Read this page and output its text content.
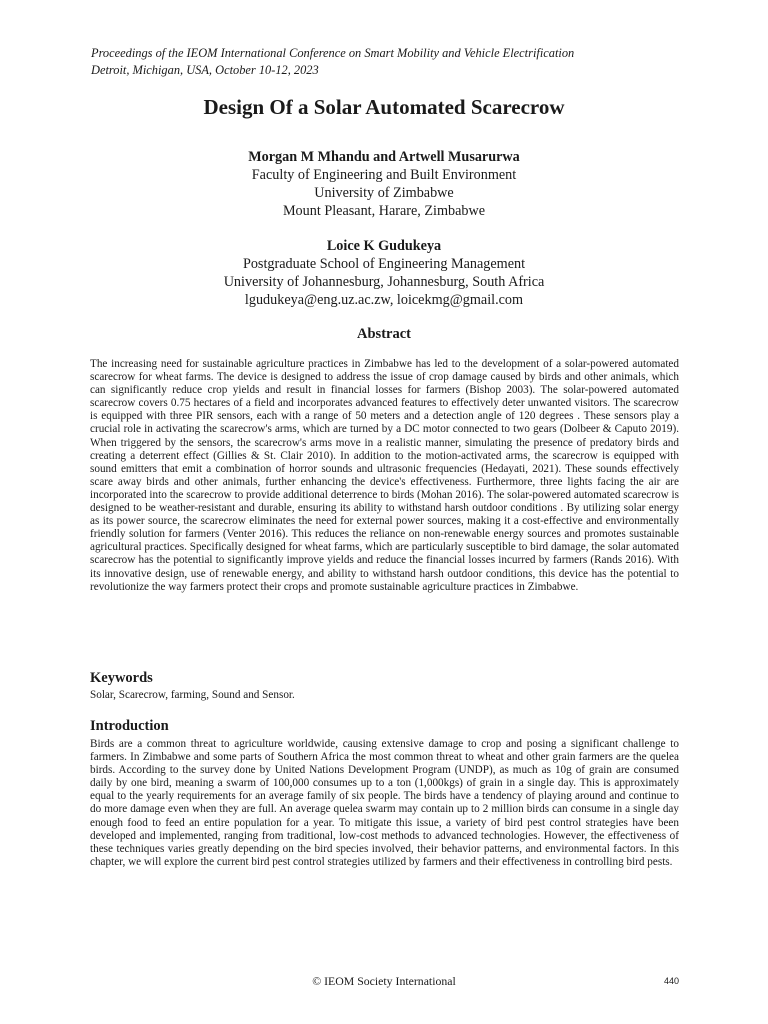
Proceedings of the IEOM International Conference on Smart Mobility and Vehicle Electrification
Detroit, Michigan, USA, October 10-12, 2023
Design Of a Solar Automated Scarecrow
Morgan M Mhandu and Artwell Musarurwa
Faculty of Engineering and Built Environment
University of Zimbabwe
Mount Pleasant, Harare, Zimbabwe
Loice K Gudukeya
Postgraduate School of Engineering Management
University of Johannesburg, Johannesburg, South Africa
lgudukeya@eng.uz.ac.zw, loicekmg@gmail.com
Abstract
The increasing need for sustainable agriculture practices in Zimbabwe has led to the development of a solar-powered automated scarecrow for wheat farms. The device is designed to address the issue of crop damage caused by birds and other animals, which can significantly reduce crop yields and result in financial losses for farmers (Bishop 2003). The solar-powered automated scarecrow covers 0.75 hectares of a field and incorporates advanced features to effectively deter unwanted visitors. The scarecrow is equipped with three PIR sensors, each with a range of 50 meters and a detection angle of 120 degrees . These sensors play a crucial role in activating the scarecrow's arms, which are turned by a DC motor connected to two gears (Dolbeer & Caputo 2019). When triggered by the sensors, the scarecrow's arms move in a realistic manner, simulating the presence of predatory birds and creating a deterrent effect (Gillies & St. Clair 2010). In addition to the motion-activated arms, the scarecrow is equipped with sound emitters that emit a combination of horror sounds and ultrasonic frequencies (Hedayati, 2021). These sounds effectively scare away birds and other animals, further enhancing the device's effectiveness. Furthermore, three lights facing the air are incorporated into the scarecrow to provide additional deterrence to birds (Mohan 2016). The solar-powered automated scarecrow is designed to be weather-resistant and durable, ensuring its ability to withstand harsh outdoor conditions . By utilizing solar energy as its power source, the scarecrow eliminates the need for external power sources, making it a cost-effective and environmentally friendly solution for farmers (Venter 2016). This reduces the reliance on non-renewable energy sources and promotes sustainable agricultural practices. Specifically designed for wheat farms, which are particularly susceptible to bird damage, the solar automated scarecrow has the potential to significantly improve yields and reduce the financial losses incurred by farmers (Rands 2016). With its innovative design, use of renewable energy, and ability to withstand harsh outdoor conditions, this device has the potential to revolutionize the way farmers protect their crops and promote sustainable agriculture practices in Zimbabwe.
Keywords
Solar, Scarecrow, farming, Sound and Sensor.
Introduction
Birds are a common threat to agriculture worldwide, causing extensive damage to crop and posing a significant challenge to farmers. In Zimbabwe and some parts of Southern Africa the most common threat to wheat and other grain farmers are the quelea birds. According to the survey done by United Nations Development Program (UNDP), as much as 10g of grain are consumed daily by one bird, meaning a swarm of 100,000 consumes up to a ton (1,000kgs) of grain in a single day. This is approximately equal to the yearly requirements for an average family of six people. The birds have a tendency of playing around and continue to do more damage even when they are full. An average quelea swarm may contain up to 2 million birds can consume in a single day enough food to feed an entire population for a year. To mitigate this issue, a variety of bird pest control strategies have been developed and implemented, ranging from traditional, low-cost methods to advanced technologies. However, the effectiveness of these techniques varies greatly depending on the bird species involved, their behavior patterns, and environmental factors. In this chapter, we will explore the current bird pest control strategies utilized by farmers and their effectiveness in controlling bird pests.
© IEOM Society International	440
